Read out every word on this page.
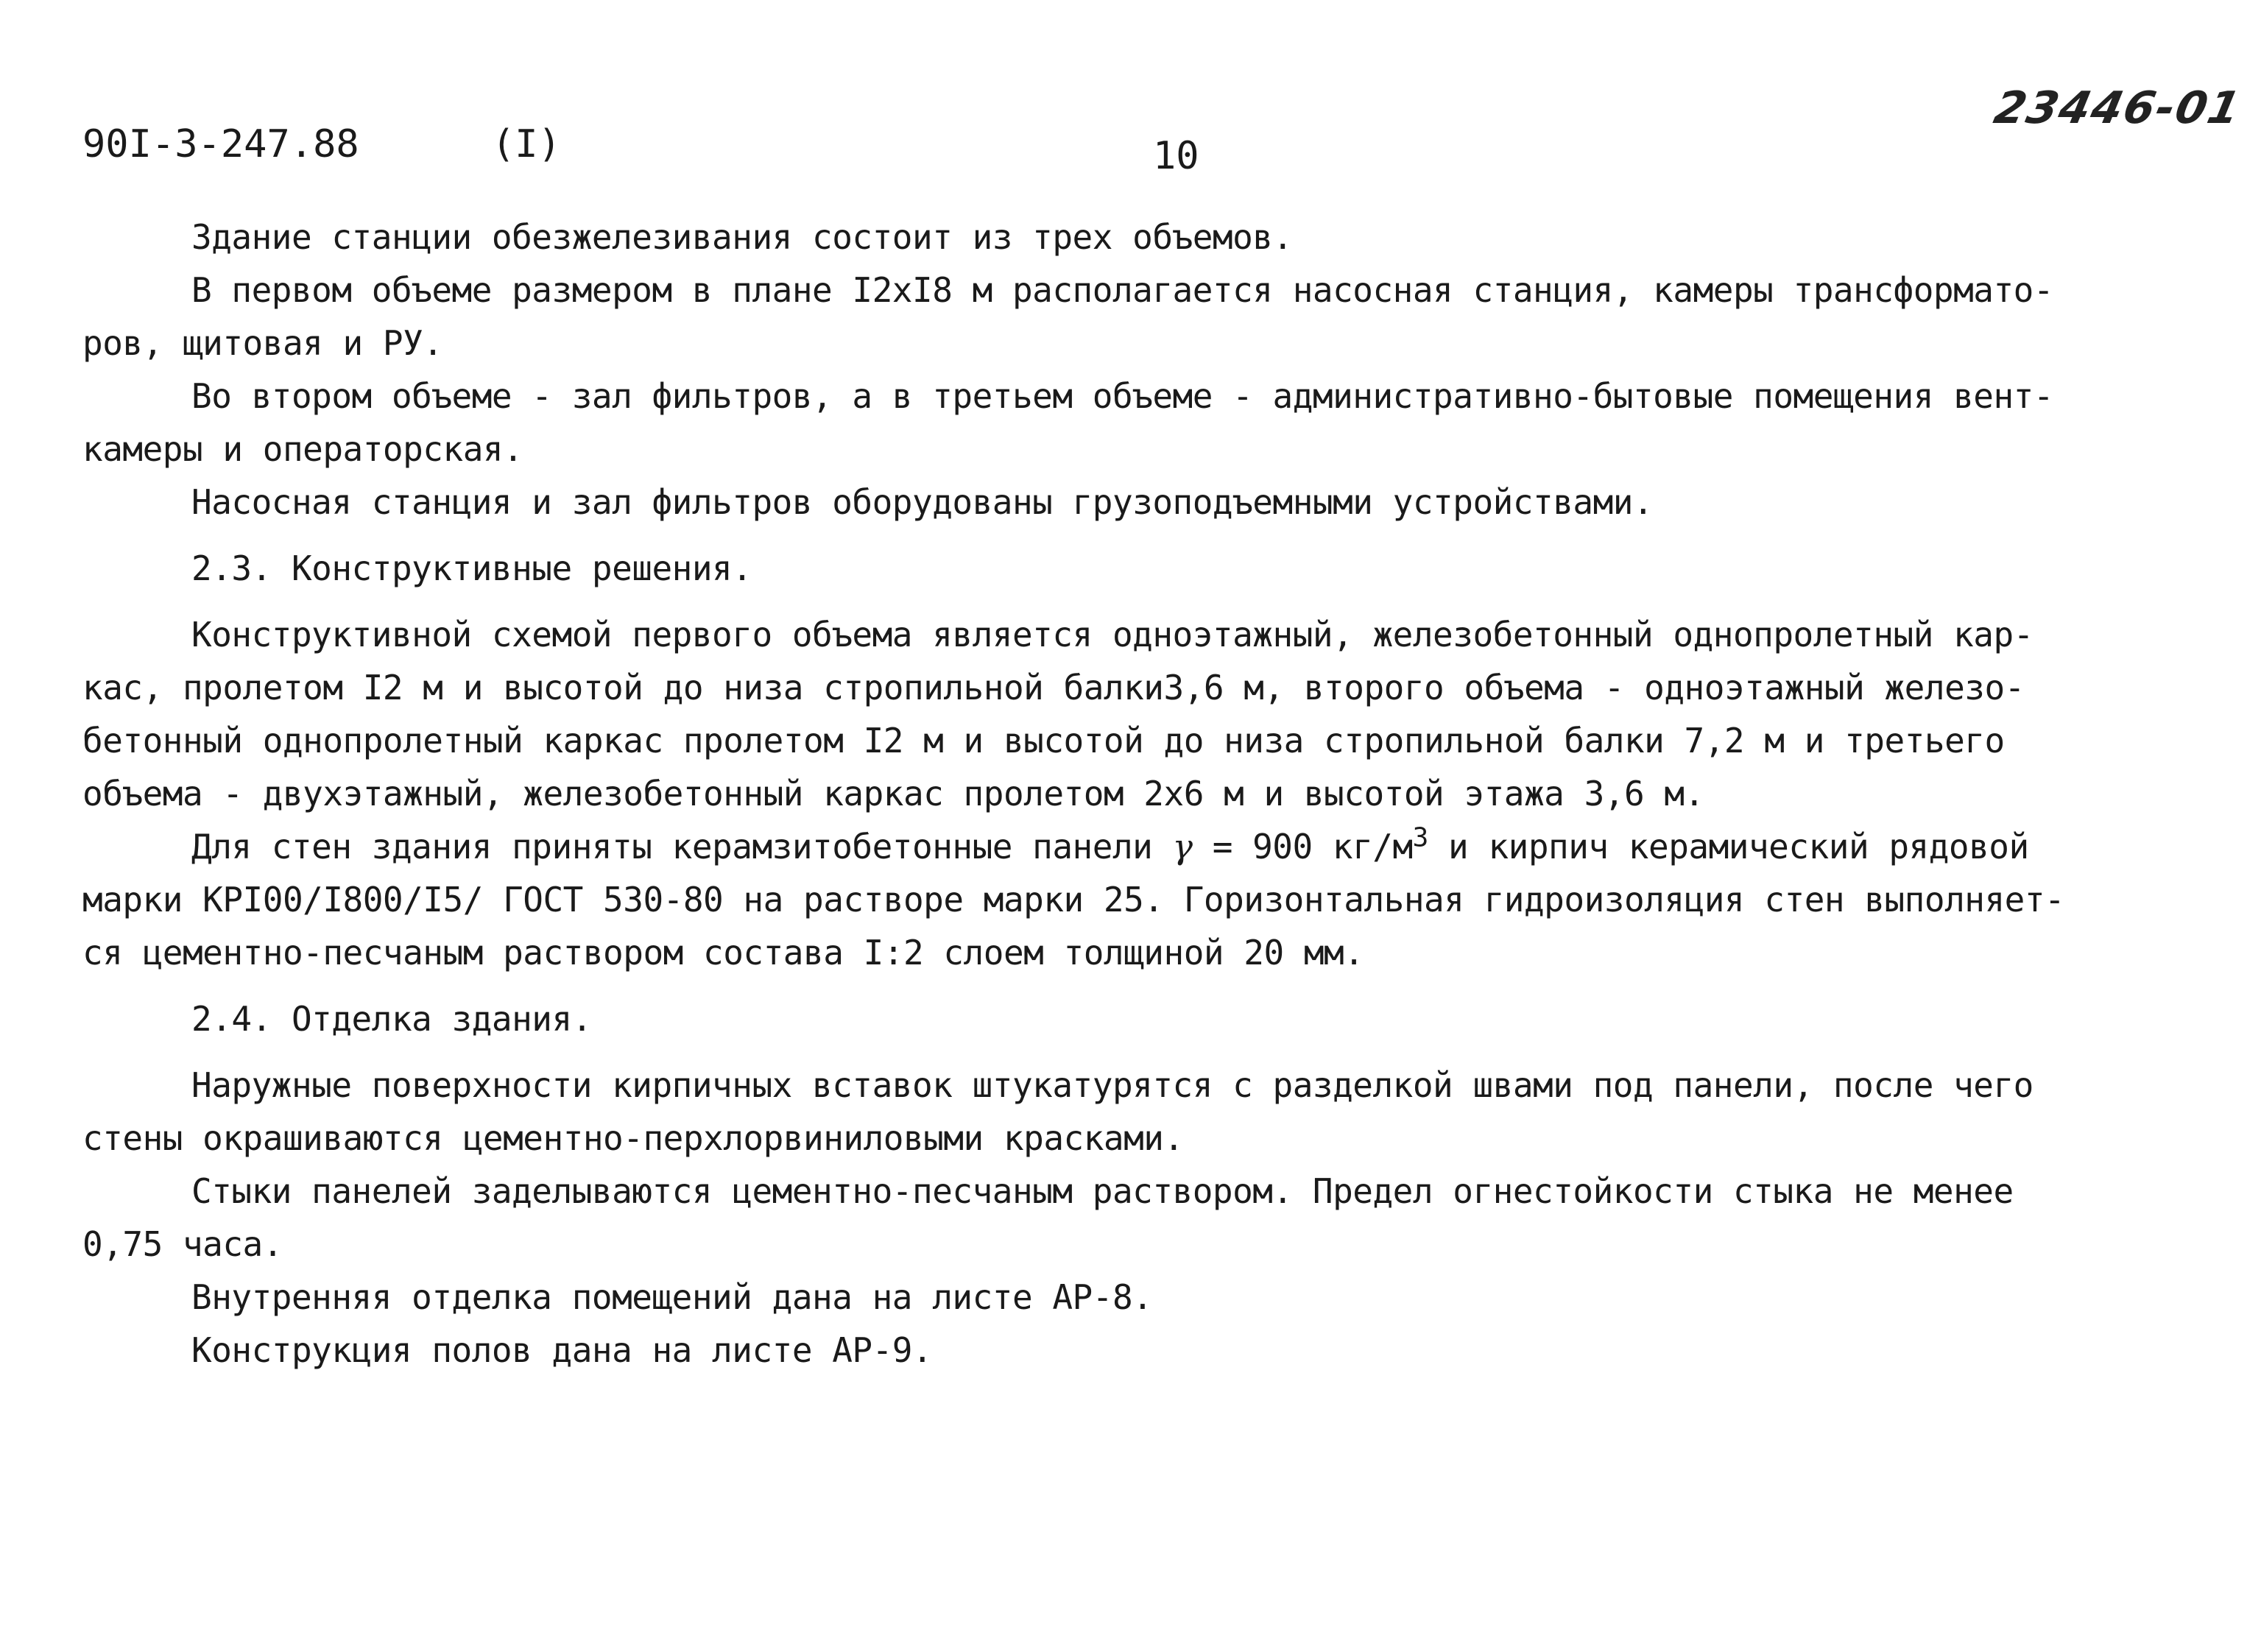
90I-3-247.88	(I)	10
23446-01

Здание станции обезжелезивания состоит из трех объемов.

В первом объеме размером в плане I2xI8 м располагается насосная станция, камеры трансформато-
ров, щитовая и РУ.

Во втором объеме - зал фильтров, а в третьем объеме - административно-бытовые помещения вент-
камеры и операторская.

Насосная станция и зал фильтров оборудованы грузоподъемными устройствами.

2.3. Конструктивные решения.

Конструктивной схемой первого объема является одноэтажный, железобетонный однопролетный кар-
кас, пролетом I2 м и высотой до низа стропильной балки3,6 м, второго объема - одноэтажный железо-
бетонный однопролетный каркас пролетом I2 м и высотой до низа стропильной балки 7,2 м и третьего
объема - двухэтажный, железобетонный каркас пролетом 2x6 м и высотой этажа 3,6 м.

Для стен здания приняты керамзитобетонные панели γ = 900 $кг/м^3$ и кирпич керамический рядовой
марки КРI00/I800/I5/ ГОСТ 530-80 на растворе марки 25. Горизонтальная гидроизоляция стен выполняет-
ся цементно-песчаным раствором состава I:2 слоем толщиной 20 мм.

2.4. Отделка здания.

Наружные поверхности кирпичных вставок штукатурятся с разделкой швами под панели, после чего
стены окрашиваются цементно-перхлорвиниловыми красками.

Стыки панелей заделываются цементно-песчаным раствором. Предел огнестойкости стыка не менее
0,75 часа.

Внутренняя отделка помещений дана на листе АР-8.

Конструкция полов дана на листе АР-9.
